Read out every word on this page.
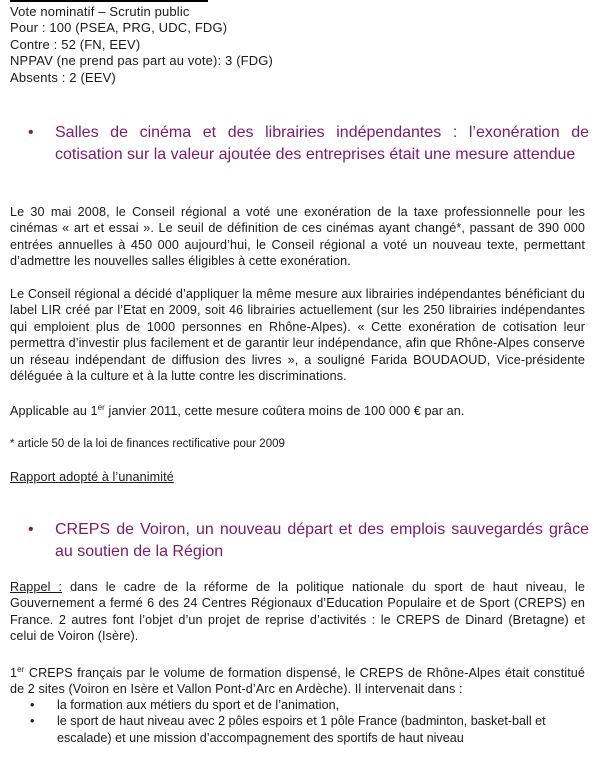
Vote nominatif – Scrutin public
Pour : 100 (PSEA, PRG, UDC, FDG)
Contre : 52 (FN, EEV)
NPPAV (ne prend pas part au vote): 3 (FDG)
Absents : 2 (EEV)
• Salles de cinéma et des librairies indépendantes : l’exonération de cotisation sur la valeur ajoutée des entreprises était une mesure attendue
Le 30 mai 2008, le Conseil régional a voté une exonération de la taxe professionnelle pour les cinémas « art et essai ». Le seuil de définition de ces cinémas ayant changé*, passant de 390 000 entrées annuelles à 450 000 aujourd’hui, le Conseil régional a voté un nouveau texte, permettant d’admettre les nouvelles salles éligibles à cette exonération.
Le Conseil régional a décidé d’appliquer la même mesure aux librairies indépendantes bénéficiant du label LIR créé par l’Etat en 2009, soit 46 librairies actuellement (sur les 250 librairies indépendantes qui emploient plus de 1000 personnes en Rhône-Alpes). « Cette exonération de cotisation leur permettra d’investir plus facilement et de garantir leur indépendance, afin que Rhône-Alpes conserve un réseau indépendant de diffusion des livres », a souligné Farida BOUDAOUD, Vice-présidente déléguée à la culture et à la lutte contre les discriminations.
Applicable au 1er janvier 2011, cette mesure coûtera moins de 100 000 € par an.
* article 50 de la loi de finances rectificative pour 2009
Rapport adopté à l’unanimité
• CREPS de Voiron, un nouveau départ et des emplois sauvegardés grâce au soutien de la Région
Rappel : dans le cadre de la réforme de la politique nationale du sport de haut niveau, le Gouvernement a fermé 6 des 24 Centres Régionaux d’Education Populaire et de Sport (CREPS) en France. 2 autres font l’objet d’un projet de reprise d’activités : le CREPS de Dinard (Bretagne) et celui de Voiron (Isère).
1er CREPS français par le volume de formation dispensé, le CREPS de Rhône-Alpes était constitué de 2 sites (Voiron en Isère et Vallon Pont-d’Arc en Ardèche). Il intervenait dans :
• la formation aux métiers du sport et de l’animation,
• le sport de haut niveau avec 2 pôles espoirs et 1 pôle France (badminton, basket-ball et escalade) et une mission d’accompagnement des sportifs de haut niveau
